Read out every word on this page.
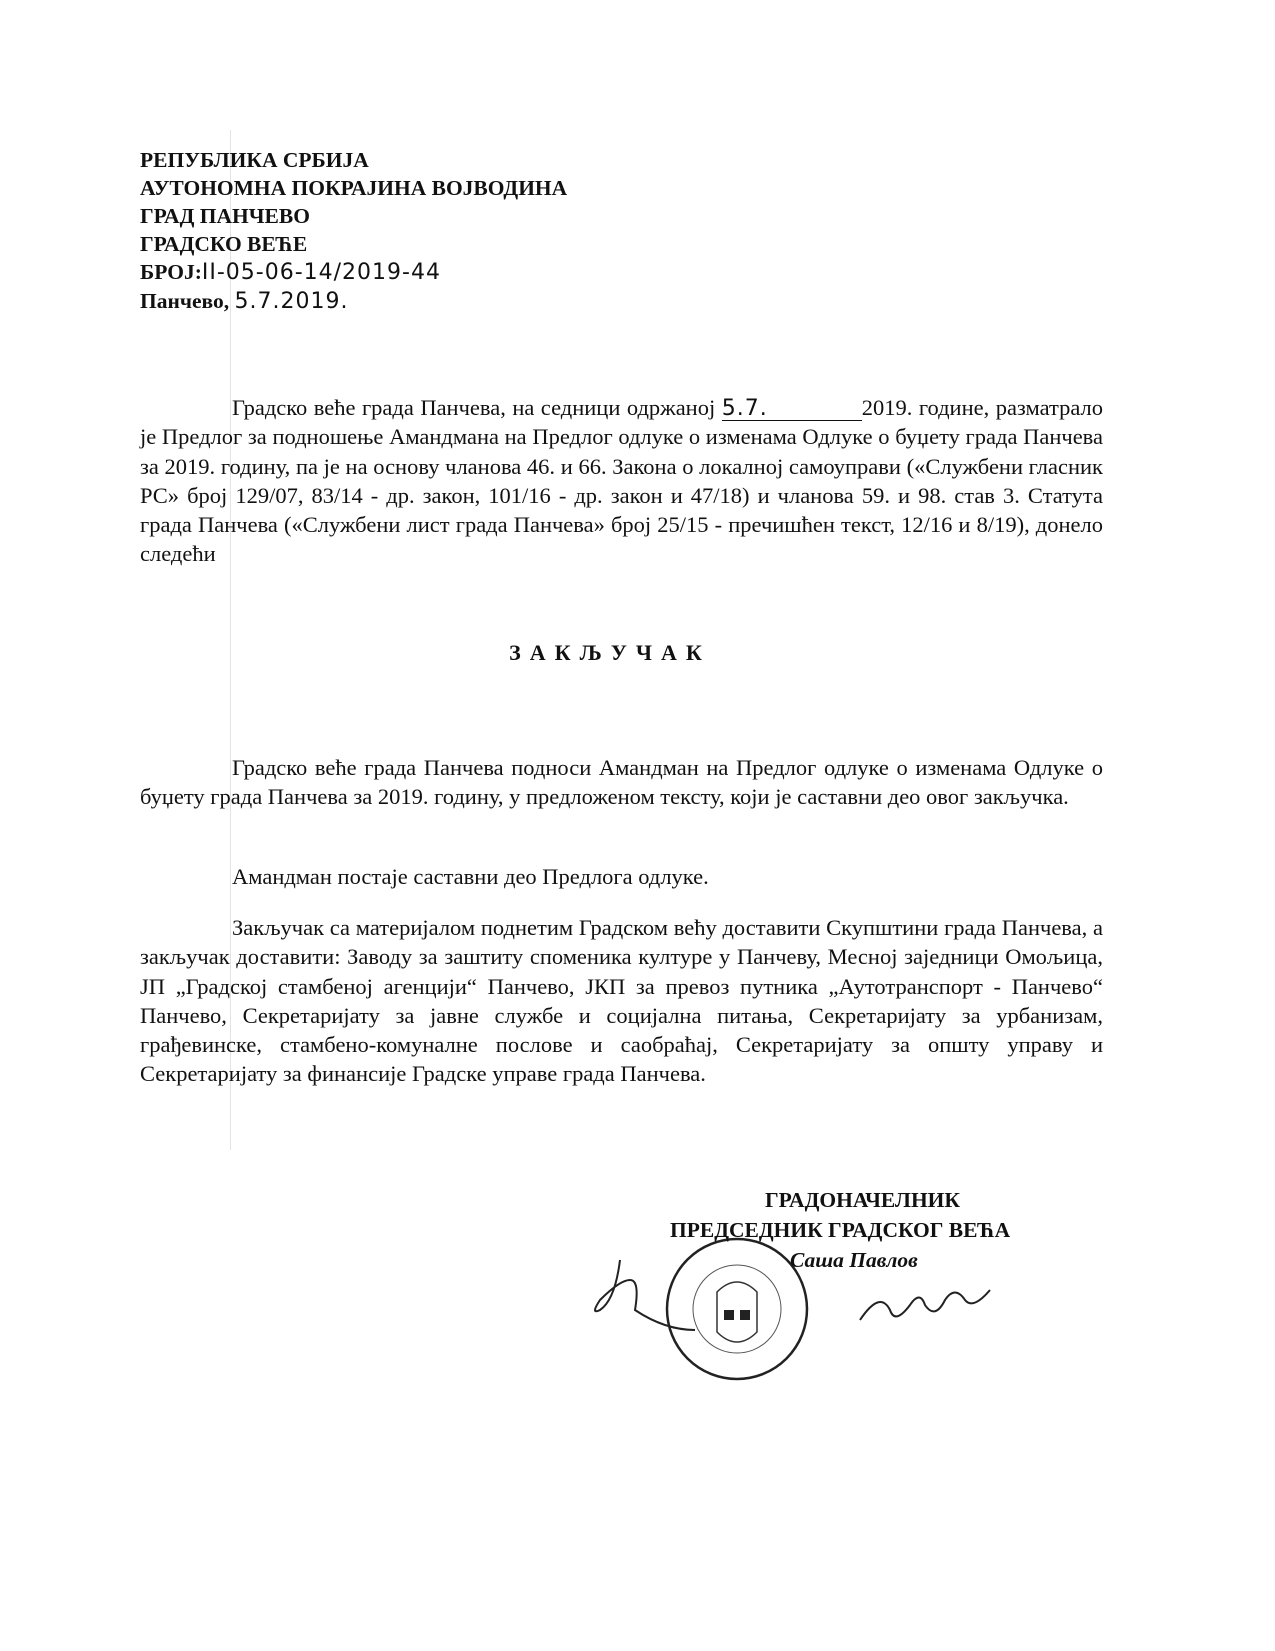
РЕПУБЛИКА СРБИЈА
АУТОНОМНА ПОКРАЈИНА ВОЈВОДИНА
ГРАД ПАНЧЕВО
ГРАДСКО ВЕЋЕ
БРОЈ:II-05-06-14/2019-44
Панчево, 5.7.2019.
Градско веће града Панчева, на седници одржаној 5.7.	2019. године, разматрало је Предлог за подношење Амандмана на Предлог одлуке о изменама Одлуке о буџету града Панчева за 2019. годину, па је на основу чланова 46. и 66. Закона о локалној самоуправи («Службени гласник РС» број 129/07, 83/14 - др. закон, 101/16 - др. закон и 47/18) и чланова 59. и 98. став 3. Статута града Панчева («Службени лист града Панчева» број 25/15 - пречишћен текст, 12/16 и 8/19), донело следећи
ЗАКЉУЧАК
Градско веће града Панчева подноси Амандман на Предлог одлуке о изменама Одлуке о буџету града Панчева за 2019. годину, у предложеном тексту, који је саставни део овог закључка.
Амандман постаје саставни део Предлога одлуке.
Закључак са материјалом поднетим Градском већу доставити Скупштини града Панчева, а закључак доставити: Заводу за заштиту споменика културе у Панчеву, Месној заједници Омољица, ЈП „Градској стамбеној агенцији“ Панчево, ЈКП за превоз путника „Аутотранспорт - Панчево“ Панчево, Секретаријату за јавне службе и социјална питања, Секретаријату за урбанизам, грађевинске, стамбено-комуналне послове и саобраћај, Секретаријату за општу управу и Секретаријату за финансије Градске управе града Панчева.
ГРАДОНАЧЕЛНИК
ПРЕДСЕДНИК ГРАДСКОГ ВЕЋА
Саша Павлов
